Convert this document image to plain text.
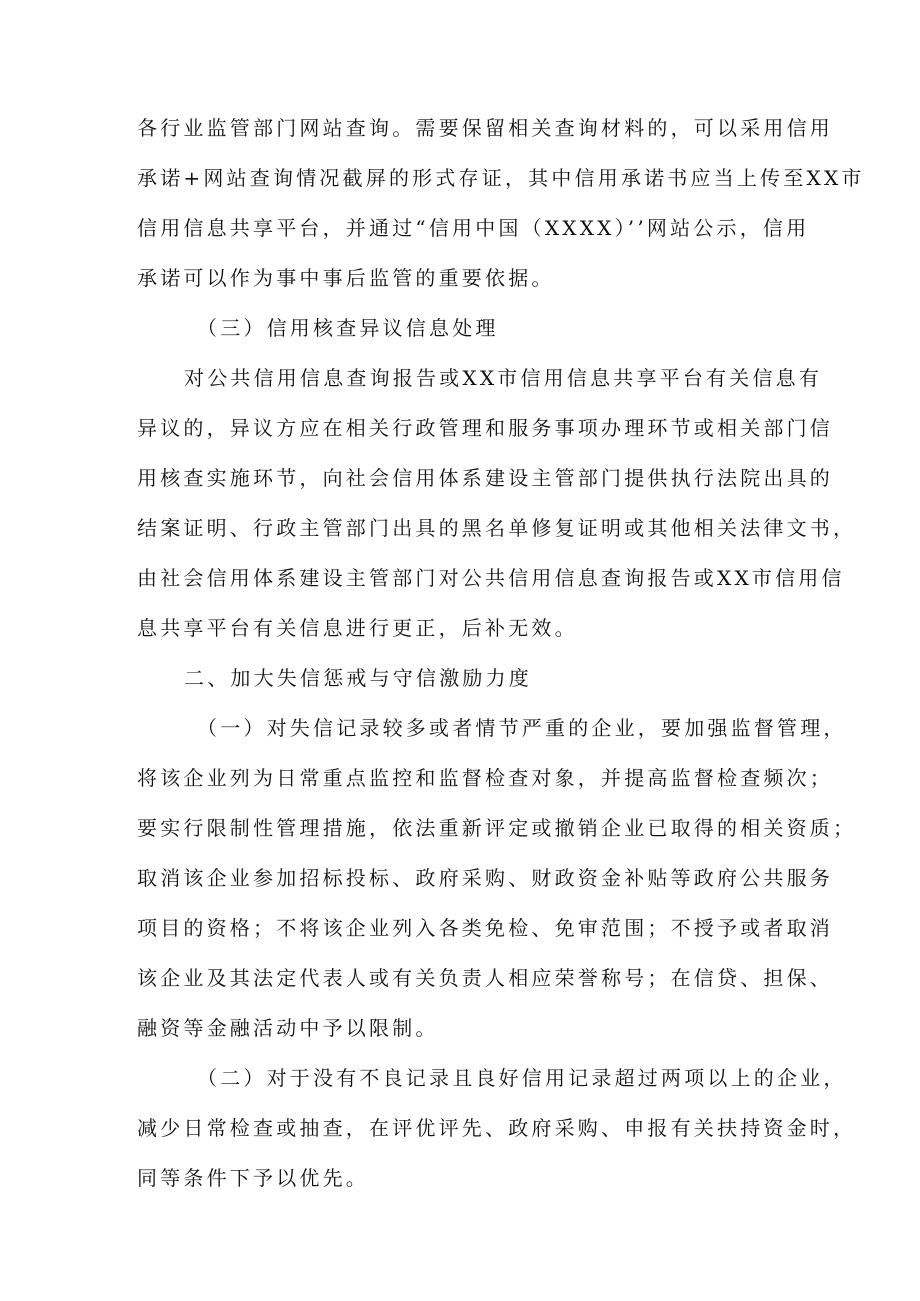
各行业监管部门网站查询。需要保留相关查询材料的，可以采用信用

承诺+网站查询情况截屏的形式存证，其中信用承诺书应当上传至XX市

信用信息共享平台，并通过“信用中国（XXXX）’’网站公示，信用

承诺可以作为事中事后监管的重要依据。

（三）信用核查异议信息处理

对公共信用信息查询报告或XX市信用信息共享平台有关信息有

异议的，异议方应在相关行政管理和服务事项办理环节或相关部门信

用核查实施环节，向社会信用体系建设主管部门提供执行法院出具的

结案证明、行政主管部门出具的黑名单修复证明或其他相关法律文书，

由社会信用体系建设主管部门对公共信用信息查询报告或XX市信用信

息共享平台有关信息进行更正，后补无效。

二、加大失信惩戒与守信激励力度

（一）对失信记录较多或者情节严重的企业，要加强监督管理，

将该企业列为日常重点监控和监督检查对象，并提高监督检查频次；

要实行限制性管理措施，依法重新评定或撤销企业已取得的相关资质；

取消该企业参加招标投标、政府采购、财政资金补贴等政府公共服务

项目的资格；不将该企业列入各类免检、免审范围；不授予或者取消

该企业及其法定代表人或有关负责人相应荣誉称号；在信贷、担保、

融资等金融活动中予以限制。

（二）对于没有不良记录且良好信用记录超过两项以上的企业，

减少日常检查或抽查，在评优评先、政府采购、申报有关扶持资金时，

同等条件下予以优先。
